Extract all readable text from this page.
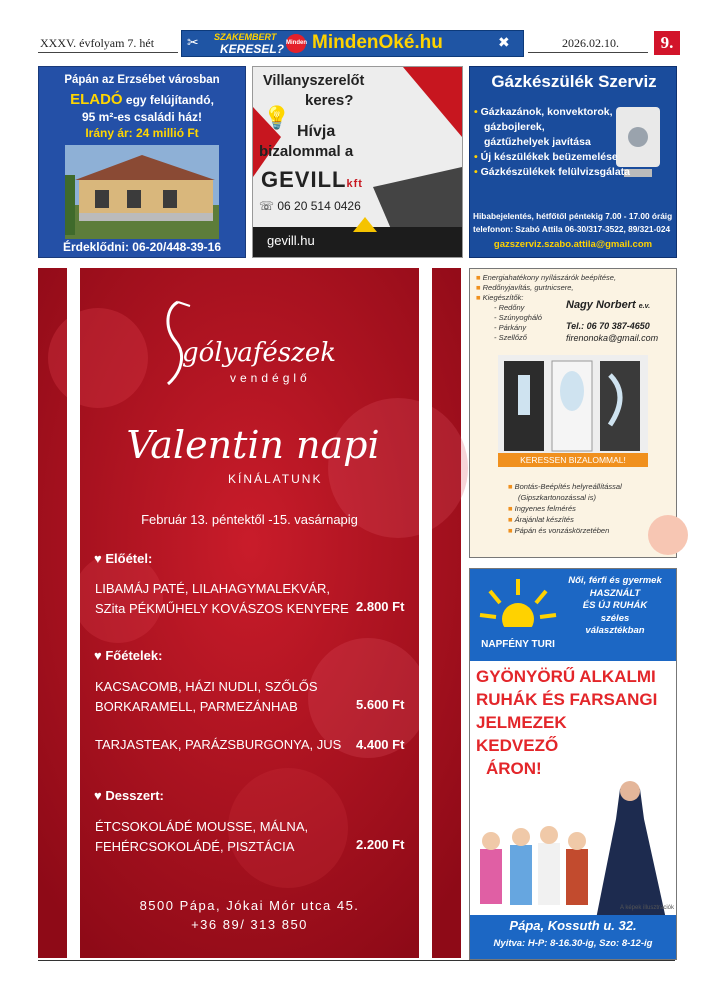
XXXV. évfolyam 7. hét ✂ SZAKEMBERT
KERESEL? Minden Oké
MindenOké.hu	✖	2026.02.10.	9.
Pápán az Erzsébet városban
ELADÓ egy felújítandó,
95 m²-es családi ház!
Irány ár: 24 millió Ft
Érdeklődni: 06-20/448-39-16
Villanyszerelőt
keres?
💡
Hívja
bizalommal a
GEVILLkft
☏ 06 20 514 0426
gevill.hu
Gázkészülék Szerviz
• Gázkazánok, konvektorok,
gázbojlerek,
gáztűzhelyek javítása
• Új készülékek beüzemelése
• Gázkészülékek felülvizsgálata
Hibabejelentés, hétfőtől péntekig 7.00 - 17.00 óráig
telefonon: Szabó Attila 06-30/317-3522, 89/321-024
gazszerviz.szabo.attila@gmail.com
gólyafészek
vendéglő
Valentin napi
KÍNÁLATUNK
Február 13. péntektől -15. vasárnapig
♥ Előétel:
LIBAMÁJ PATÉ, LILAHAGYMALEKVÁR,
SZita PÉKMŰHELY KOVÁSZOS KENYERE 2.800 Ft
♥ Főételek:
KACSACOMB, HÁZI NUDLI, SZŐLŐS
BORKARAMELL, PARMEZÁNHAB	5.600 Ft
TARJASTEAK, PARÁZSBURGONYA, JUS 4.400 Ft
♥ Desszert:
ÉTCSOKOLÁDÉ MOUSSE, MÁLNA,
FEHÉRCSOKOLÁDÉ, PISZTÁCIA	2.200 Ft
8500 Pápa, Jókai Mór utca 45.
+36 89/ 313 850
■ Energiahatékony nyílászárók beépítése,
■ Redőnyjavítás, gurtnicsere,
■ Kiegészítők:
- Redőny
- Szúnyogháló
- Párkány
- Szellőző
Nagy Norbert e.v.
Tel.: 06 70 387-4650
firenonoka@gmail.com
KERESSEN BIZALOMMAL!
■ Bontás-Beépítés helyreállítással
(Gipszkartonozással is)
■ Ingyenes felmérés
■ Árajánlat készítés
■ Pápán és vonzáskörzetében
NAPFÉNY TURI
Női, férfi és gyermek
HASZNÁLT
ÉS ÚJ RUHÁK
széles
választékban
GYÖNYÖRŰ ALKALMI
RUHÁK ÉS FARSANGI
JELMEZEK
KEDVEZŐ
ÁRON!
A képek illusztrációk
Pápa, Kossuth u. 32.
Nyitva: H-P: 8-16.30-ig, Szo: 8-12-ig
